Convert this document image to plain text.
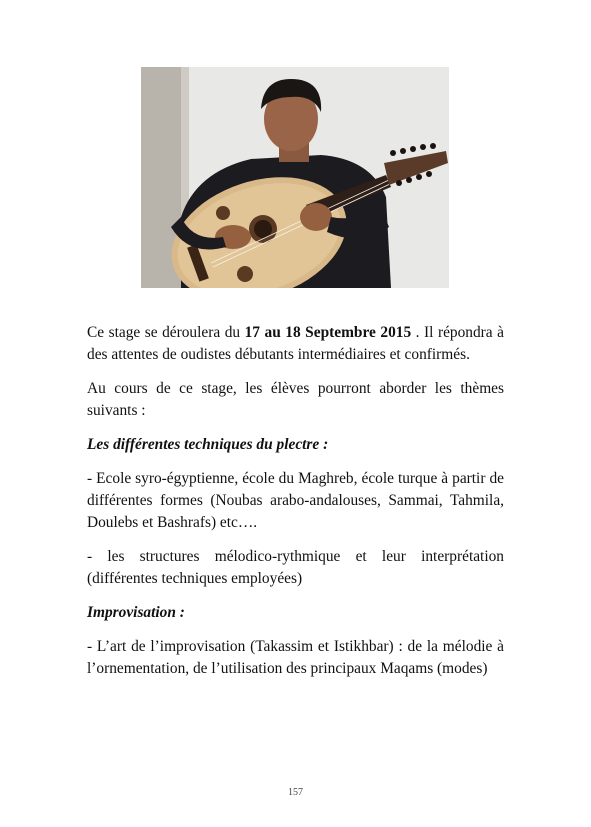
Ce stage se déroulera du 17 au 18 Septembre 2015 . Il répondra à des attentes de oudistes débutants intermédiaires et confirmés.

Au cours de ce stage, les élèves pourront aborder les thèmes suivants :

Les différentes techniques du plectre :

- Ecole syro-égyptienne, école du Maghreb, école turque à partir de différentes formes (Noubas arabo-andalouses, Sammai, Tahmila, Doulebs et Bashrafs) etc….

- les structures mélodico-rythmique et leur interprétation (différentes techniques employées)

Improvisation :

- L’art de l’improvisation (Takassim et Istikhbar) : de la mélodie à l’ornementation, de l’utilisation des principaux Maqams (modes)

157
